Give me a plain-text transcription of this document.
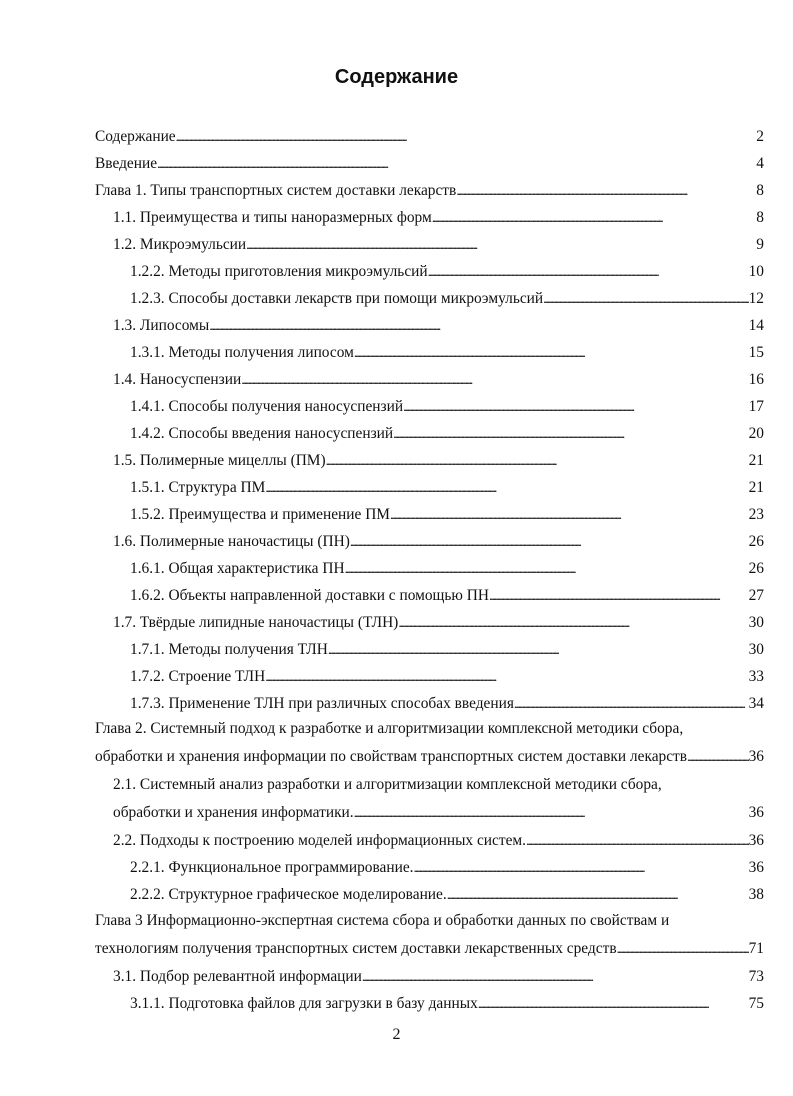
Содержание
Содержание . . .	2
Введение . . .	4
Глава 1. Типы транспортных систем доставки лекарств . . .	8
1.1. Преимущества и типы наноразмерных форм . . .	8
1.2. Микроэмульсии . . .	9
1.2.2. Методы приготовления микроэмульсий . . .	10
1.2.3. Способы доставки лекарств при помощи микроэмульсий . . .	12
1.3. Липосомы . . .	14
1.3.1. Методы получения липосом . . .	15
1.4. Наносуспензии . . .	16
1.4.1. Способы получения наносуспензий . . .	17
1.4.2. Способы введения наносуспензий . . .	20
1.5. Полимерные мицеллы (ПМ) . . .	21
1.5.1. Структура ПМ . . .	21
1.5.2. Преимущества и применение ПМ . . .	23
1.6. Полимерные наночастицы (ПН) . . .	26
1.6.1. Общая характеристика ПН . . .	26
1.6.2. Объекты направленной доставки с помощью ПН . . .	27
1.7. Твёрдые липидные наночастицы (ТЛН) . . .	30
1.7.1. Методы получения ТЛН . . .	30
1.7.2. Строение ТЛН . . .	33
1.7.3. Применение ТЛН при различных способах введения . . .	34
Глава 2. Системный подход к разработке и алгоритмизации комплексной методики сбора,
обработки и хранения информации по свойствам транспортных систем доставки лекарств . . .	36
2.1. Системный анализ разработки и алгоритмизации комплексной методики сбора,
обработки и хранения информатики. . . .	36
2.2. Подходы к построению моделей информационных систем. . . .	36
2.2.1. Функциональное программирование. . . .	36
2.2.2. Структурное графическое моделирование. . . .	38
Глава 3 Информационно-экспертная система сбора и обработки данных по свойствам и
технологиям получения транспортных систем доставки лекарственных средств . . .	71
3.1. Подбор релевантной информации . . .	73
3.1.1. Подготовка файлов для загрузки в базу данных . . .	75
2
